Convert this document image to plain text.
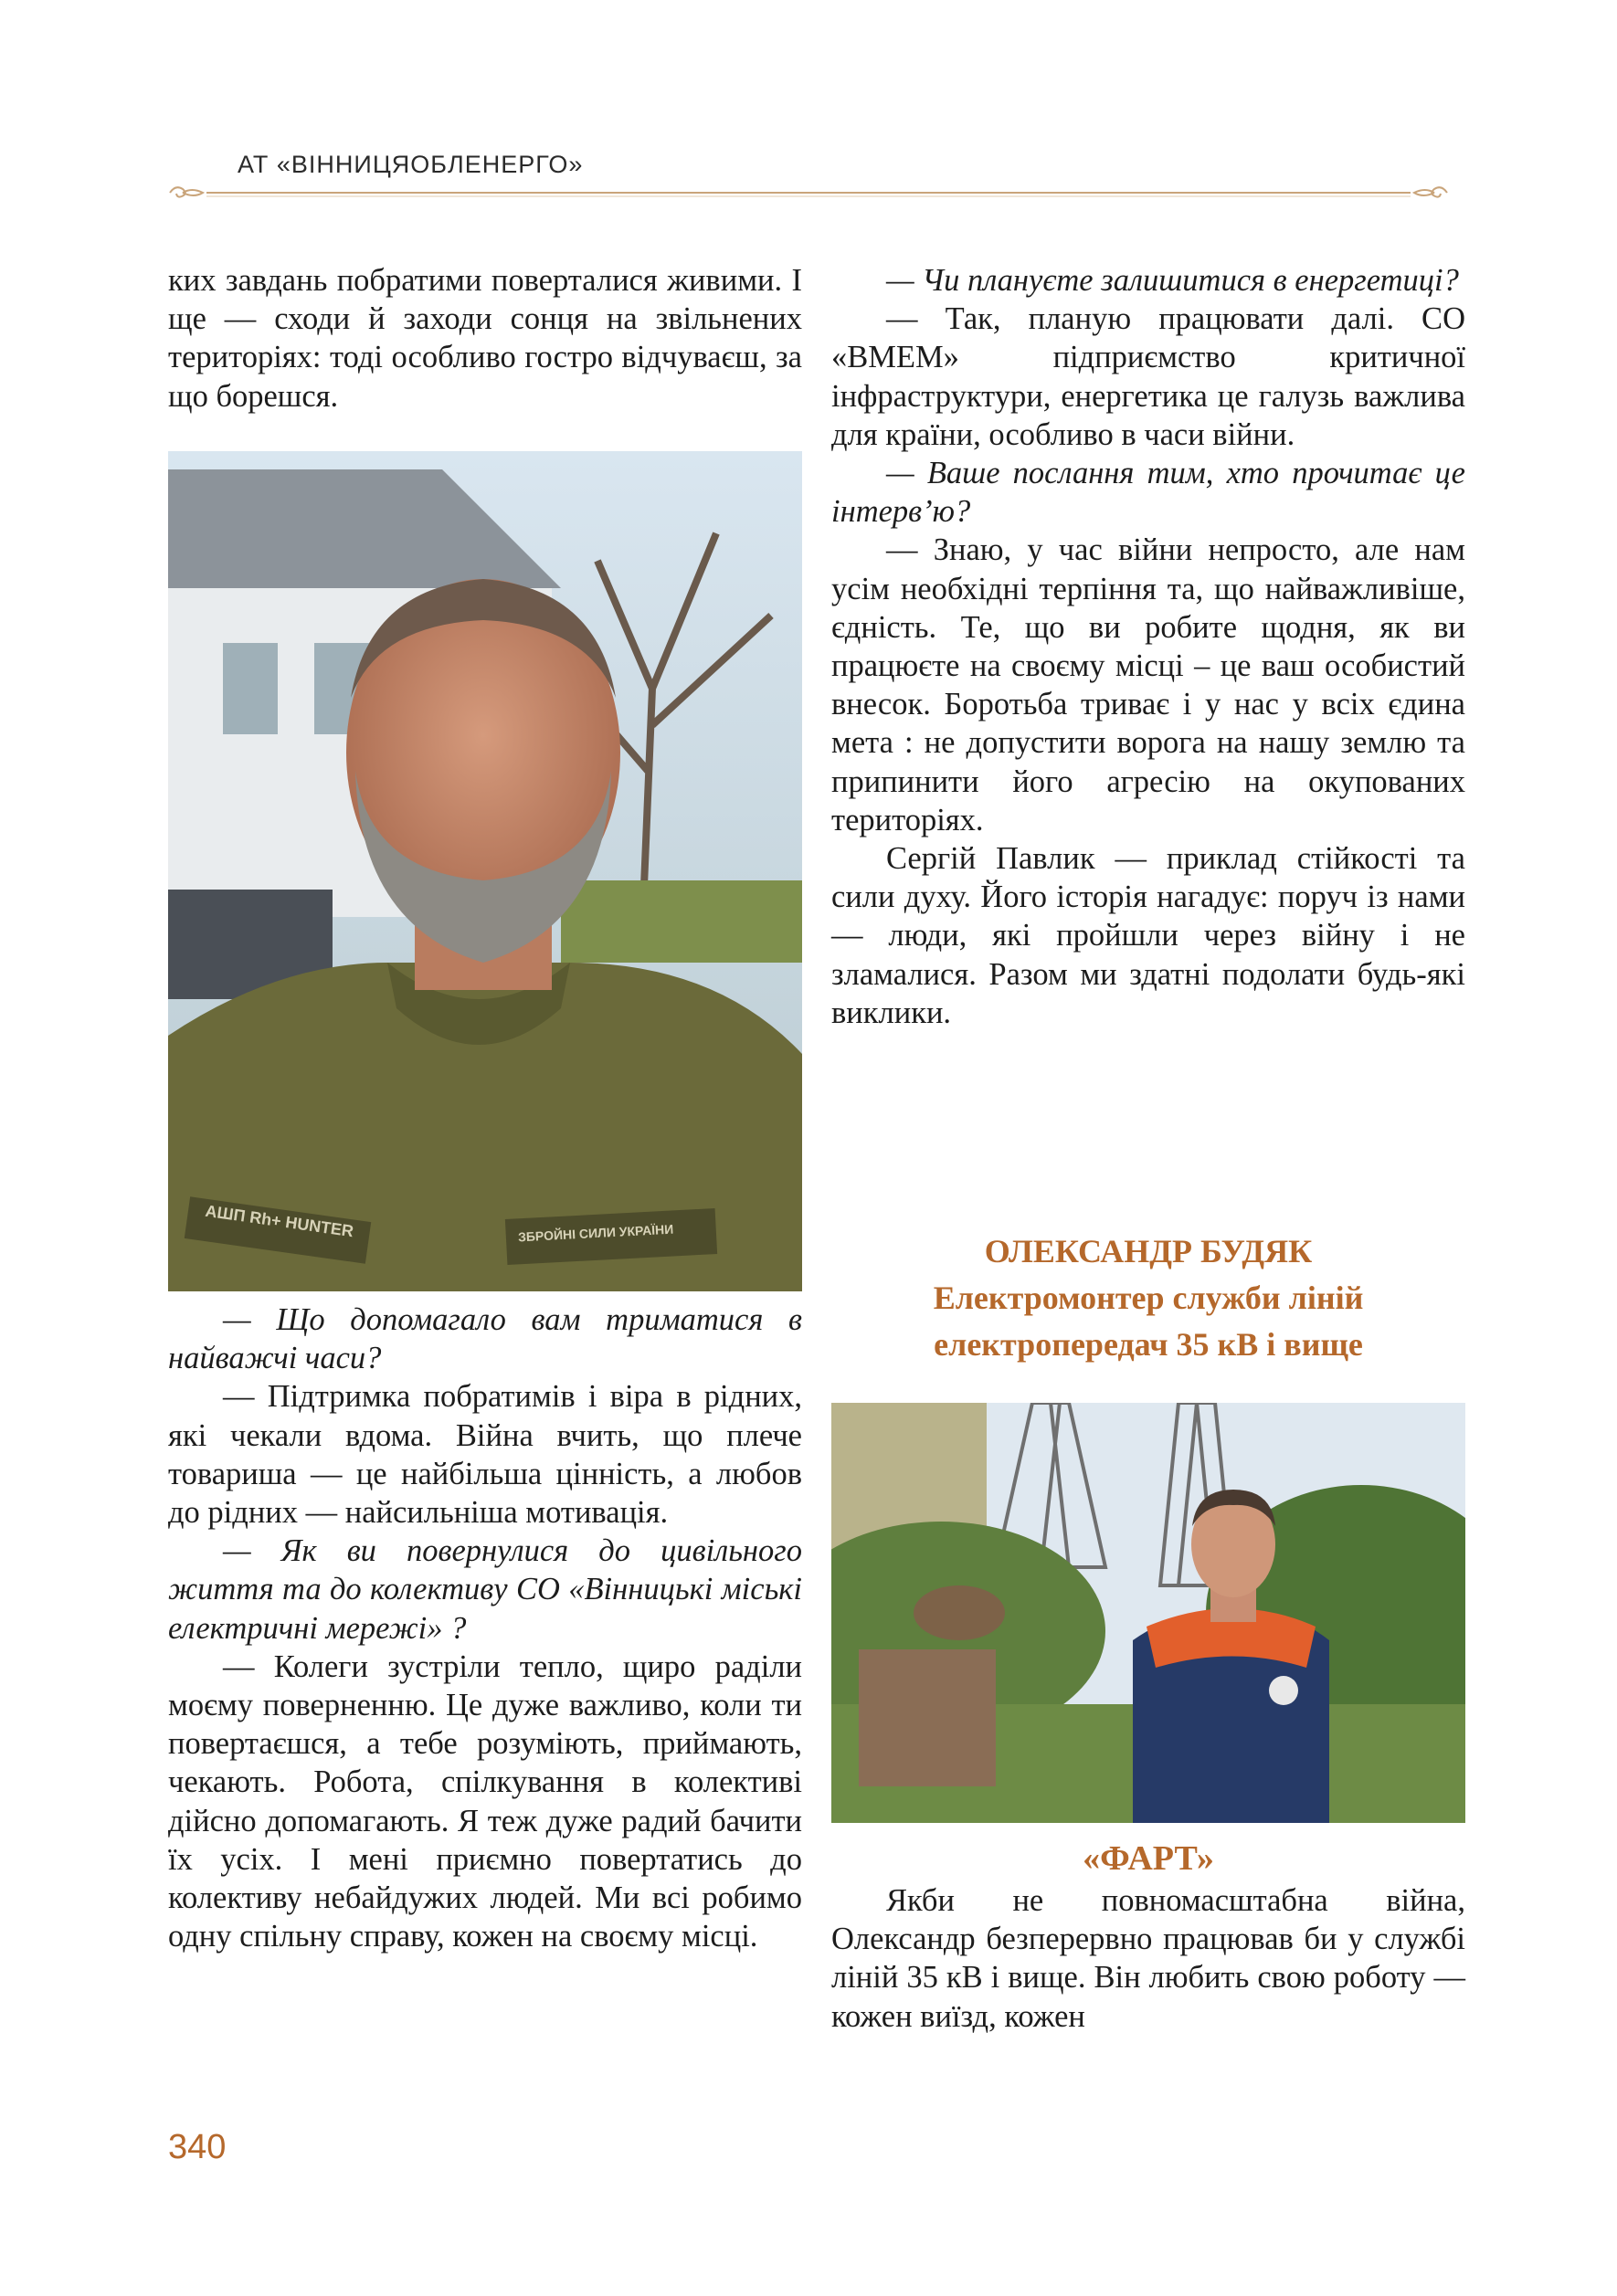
АТ «ВІННИЦЯОБЛЕНЕРГО»

ких завдань побратими поверталися живими. І ще — сходи й заходи сонця на звільнених територіях: тоді особливо гостро відчуваєш, за що борешся.

АШП Rh+ HUNTER	ЗБРОЙНІ СИЛИ УКРАЇНИ

— Що допомагало вам триматися в найважчі часи?

— Підтримка побратимів і віра в рідних, які чекали вдома. Війна вчить, що плече товариша — це найбільша цінність, а любов до рідних — найсильніша мотивація.

— Як ви повернулися до цивільного життя та до колективу СО «Вінницькі міські електричні мережі» ?

— Колеги зустріли тепло, щиро раділи моєму поверненню. Це дуже важливо, коли ти повертаєшся, а тебе розуміють, приймають, чекають. Робота, спілкування в колективі дійсно допомагають. Я теж дуже радий бачити їх усіх. І мені приємно повертатись до колективу небайдужих людей. Ми всі робимо одну спільну справу, кожен на своєму місці.

— Чи плануєте залишитися в енергетиці?

— Так, планую працювати далі. СО «ВМЕМ» підприємство критичної інфраструктури, енергетика це галузь важлива для країни, особливо в часи війни.

— Ваше послання тим, хто прочитає це інтерв’ю?

— Знаю, у час війни непросто, але нам усім необхідні терпіння та, що найважливіше, єдність. Те, що ви робите щодня, як ви працюєте на своєму місці – це ваш особистий внесок. Боротьба триває і у нас у всіх єдина мета : не допустити ворога на нашу землю та припинити його агресію на окупованих територіях.

Сергій Павлик — приклад стійкості та сили духу. Його історія нагадує: поруч із нами — люди, які пройшли через війну і не зламалися. Разом ми здатні подолати будь-які виклики.

ОЛЕКСАНДР БУДЯК
Електромонтер служби ліній
електропередач 35 кВ і вище
«ФАРТ»

Якби не повномасштабна війна, Олександр безперервно працював би у службі ліній 35 кВ і вище. Він любить свою роботу — кожен виїзд, кожен

340
